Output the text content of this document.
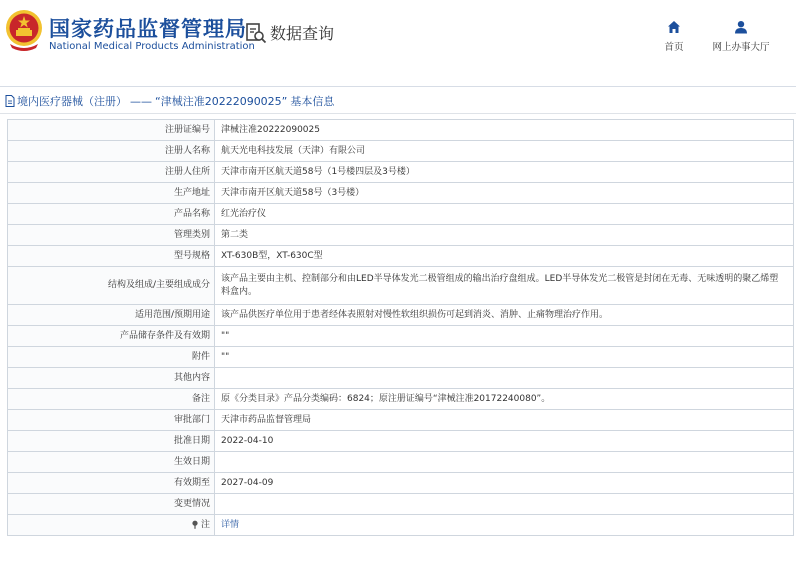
国家药品监督管理局
National Medical Products Administration
数据查询
首页	网上办事大厅
境内医疗器械（注册） —— “津械注准20222090025” 基本信息
注册证编号	津械注准20222090025
注册人名称	航天光电科技发展（天津）有限公司
注册人住所	天津市南开区航天道58号（1号楼四层及3号楼）
生产地址	天津市南开区航天道58号（3号楼）
产品名称	红光治疗仪
管理类别	第二类
型号规格	XT-630B型，XT-630C型
结构及组成/主要组成成分	该产品主要由主机、控制部分和由LED半导体发光二极管组成的输出治疗盘组成。LED半导体发光二极管是封闭在无毒、无味透明的聚乙烯塑料盒内。
适用范围/预期用途	该产品供医疗单位用于患者经体表照射对慢性软组织损伤可起到消炎、消肿、止痛物理治疗作用。
产品储存条件及有效期	""
附件	""
其他内容	
备注	原《分类目录》产品分类编码：6824；原注册证编号“津械注准20172240080”。
审批部门	天津市药品监督管理局
批准日期	2022-04-10
生效日期	
有效期至	2027-04-09
变更情况	
注	详情
